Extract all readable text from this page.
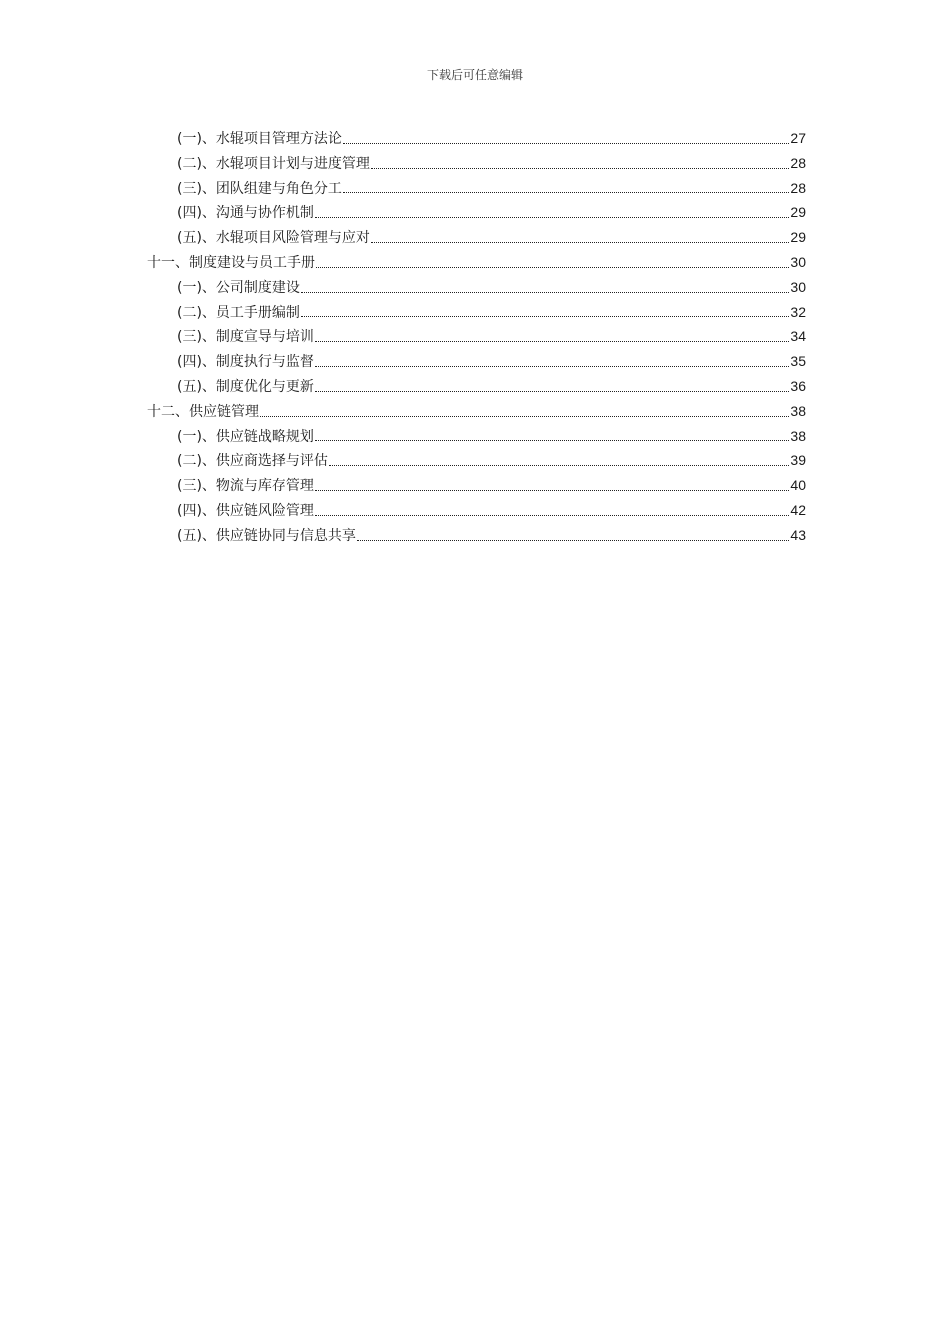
下载后可任意编辑
(一)、水辊项目管理方法论	27
(二)、水辊项目计划与进度管理	28
(三)、团队组建与角色分工	28
(四)、沟通与协作机制	29
(五)、水辊项目风险管理与应对	29
十一、制度建设与员工手册	30
(一)、公司制度建设	30
(二)、员工手册编制	32
(三)、制度宣导与培训	34
(四)、制度执行与监督	35
(五)、制度优化与更新	36
十二、供应链管理	38
(一)、供应链战略规划	38
(二)、供应商选择与评估	39
(三)、物流与库存管理	40
(四)、供应链风险管理	42
(五)、供应链协同与信息共享	43
